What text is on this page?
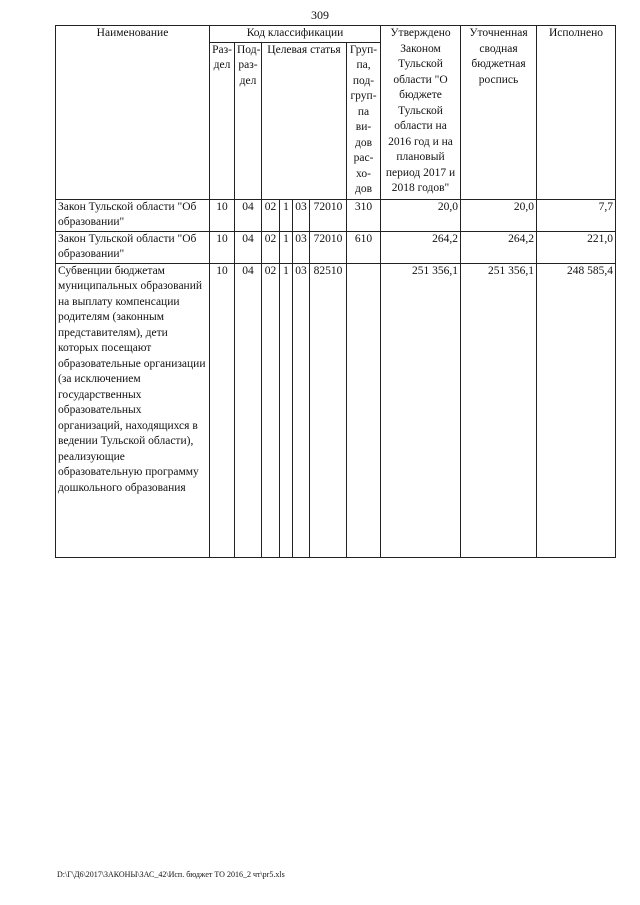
309
Наименование	Код классификации							Утверждено Законом Тульской области "О бюджете Тульской области на 2016 год и на плановый период 2017 и 2018 годов"	Уточненная сводная бюджетная роспись	Исполнено
	Раз-дел	Под-раз-дел	Целевая статья				Груп-па, под-груп-па ви-дов рас-хо-дов			
Закон Тульской области "Об образовании"	10	04	02	1	03	72010	310	20,0	20,0	7,7
Закон Тульской области "Об образовании"	10	04	02	1	03	72010	610	264,2	264,2	221,0
Субвенции бюджетам муниципальных образований на выплату компенсации родителям (законным представителям), дети которых посещают образовательные организации (за исключением государственных образовательных организаций, находящихся в ведении Тульской области), реализующие образовательную программу дошкольного образования	10	04	02	1	03	82510		251 356,1	251 356,1	248 585,4
D:\Г\Д6\2017\ЗАКОНЫ\ЗАС_42\Исп. бюджет ТО 2016_2 чт\pr5.xls
